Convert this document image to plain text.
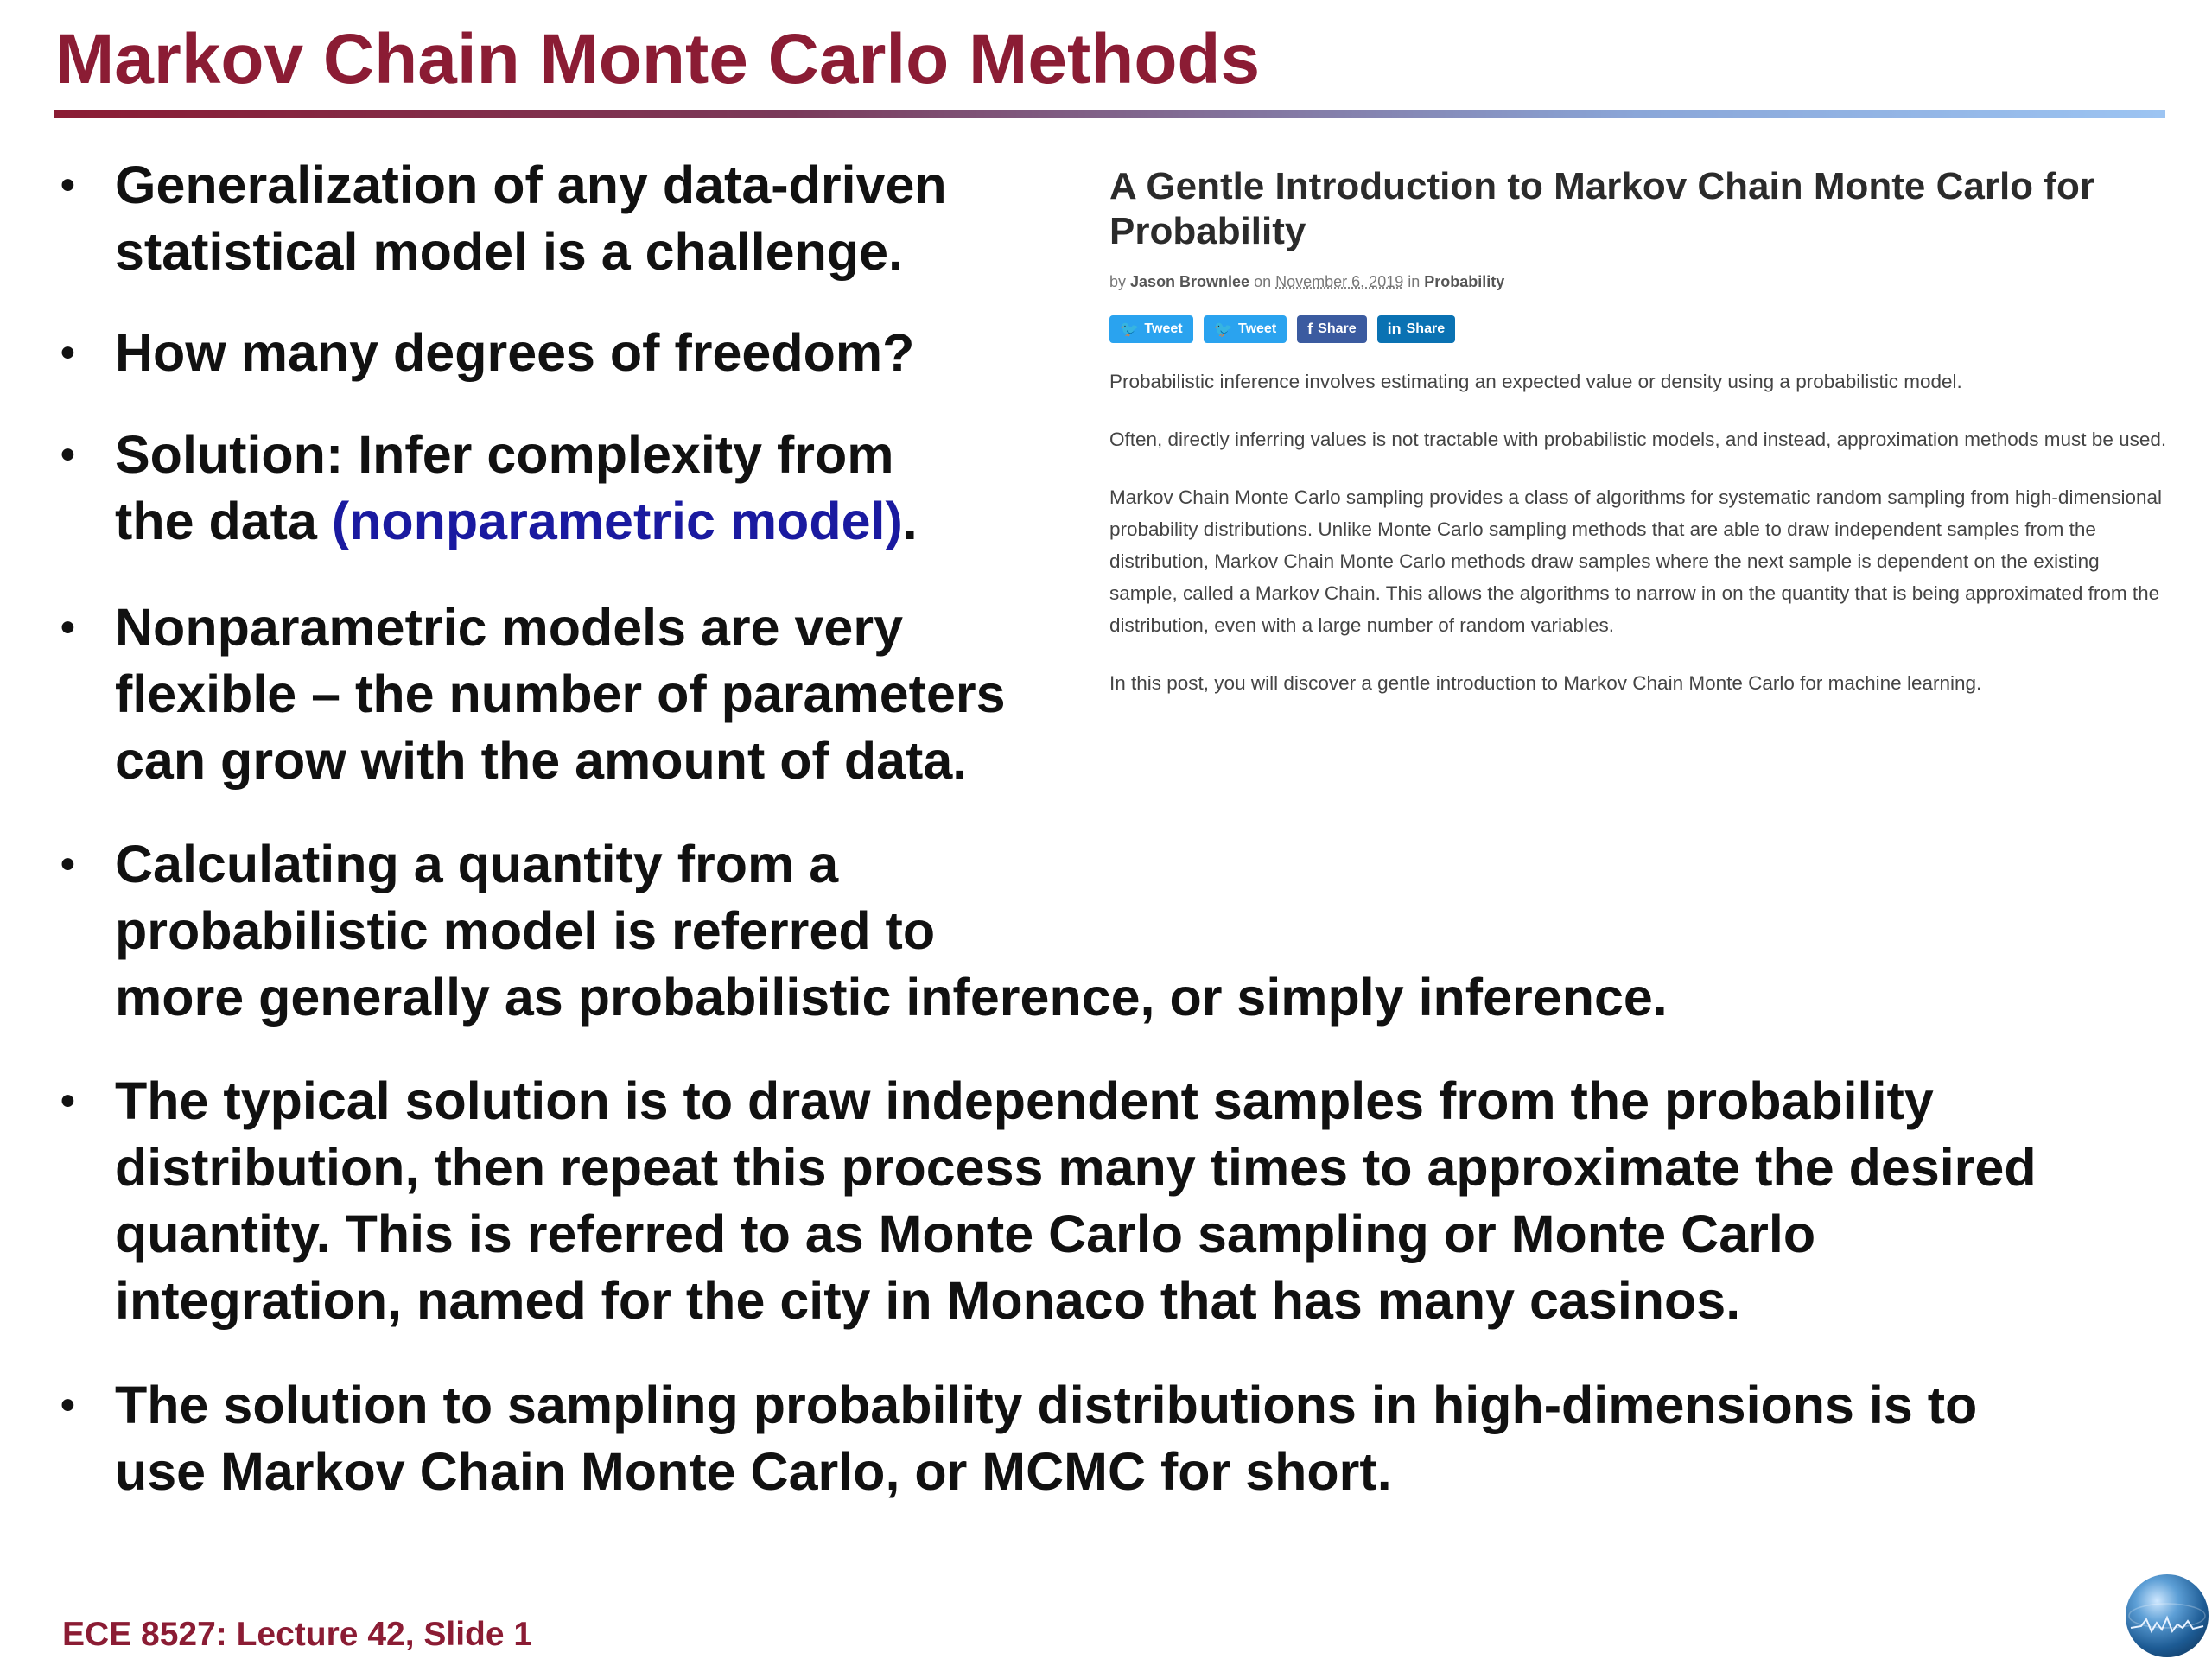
Markov Chain Monte Carlo Methods
• Generalization of any data-driven
statistical model is a challenge.
• How many degrees of freedom?
• Solution: Infer complexity from
the data (nonparametric model).
• Nonparametric models are very
flexible – the number of parameters
can grow with the amount of data.
• Calculating a quantity from a
probabilistic model is referred to
more generally as probabilistic inference, or simply inference.
• The typical solution is to draw independent samples from the probability
distribution, then repeat this process many times to approximate the desired
quantity. This is referred to as Monte Carlo sampling or Monte Carlo
integration, named for the city in Monaco that has many casinos.
• The solution to sampling probability distributions in high-dimensions is to
use Markov Chain Monte Carlo, or MCMC for short.
A Gentle Introduction to Markov Chain Monte Carlo for
Probability
by Jason Brownlee on November 6, 2019 in Probability
🐦 Tweet 🐦 Tweet f Share in Share

Probabilistic inference involves estimating an expected value or density using a probabilistic model.

Often, directly inferring values is not tractable with probabilistic models, and instead, approximation methods must be used.

Markov Chain Monte Carlo sampling provides a class of algorithms for systematic random sampling from high-dimensional probability distributions. Unlike Monte Carlo sampling methods that are able to draw independent samples from the distribution, Markov Chain Monte Carlo methods draw samples where the next sample is dependent on the existing sample, called a Markov Chain. This allows the algorithms to narrow in on the quantity that is being approximated from the distribution, even with a large number of random variables.

In this post, you will discover a gentle introduction to Markov Chain Monte Carlo for machine learning.

ECE 8527: Lecture 42, Slide 1
